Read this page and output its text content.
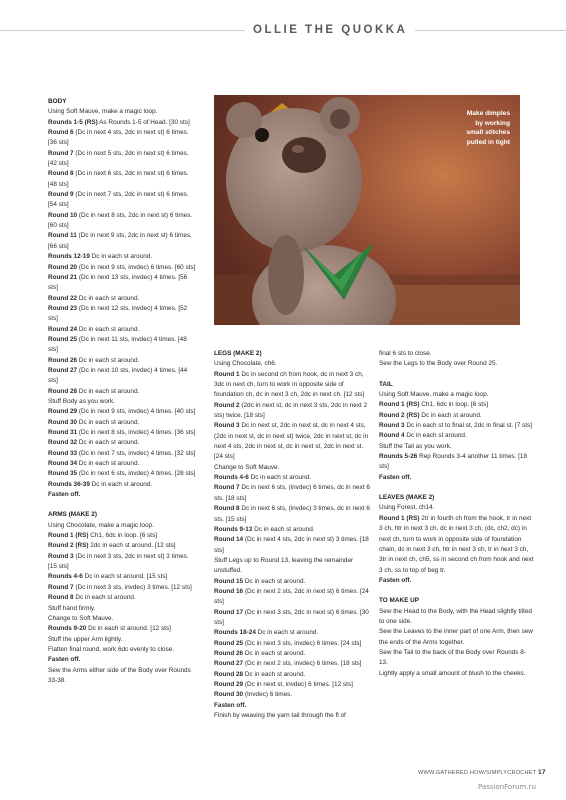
OLLIE THE QUOKKA
Make dimples
by working
small stitches
pulled in tight

BODY

Using Soft Mauve, make a magic loop.

Rounds 1-5 (RS) As Rounds 1-5 of Head. [30 sts]

Round 6 (Dc in next 4 sts, 2dc in next st) 6 times. [36 sts]

Round 7 (Dc in next 5 sts, 2dc in next st) 6 times. [42 sts]

Round 8 (Dc in next 6 sts, 2dc in next st) 6 times. [48 sts]

Round 9 (Dc in next 7 sts, 2dc in next st) 6 times. [54 sts]

Round 10 (Dc in next 8 sts, 2dc in next st) 6 times. [60 sts]

Round 11 (Dc in next 9 sts, 2dc in next st) 6 times. [66 sts]

Rounds 12-19 Dc in each st around.

Round 20 (Dc in next 9 sts, invdec) 6 times. [60 sts]

Round 21 (Dc in next 13 sts, invdec) 4 times. [56 sts]

Round 22 Dc in each st around.

Round 23 (Dc in next 12 sts, invdec) 4 times. [52 sts]

Round 24 Dc in each st around.

Round 25 (Dc in next 11 sts, invdec) 4 times. [48 sts]

Round 26 Dc in each st around.

Round 27 (Dc in next 10 sts, invdec) 4 times. [44 sts]

Round 28 Dc in each st around.

Stuff Body as you work.

Round 29 (Dc in next 9 sts, invdec) 4 times. [40 sts]

Round 30 Dc in each st around.

Round 31 (Dc in next 8 sts, invdec) 4 times. [36 sts]

Round 32 Dc in each st around.

Round 33 (Dc in next 7 sts, invdec) 4 times. [32 sts]

Round 34 Dc in each st around.

Round 35 (Dc in next 6 sts, invdec) 4 times. [28 sts]

Rounds 36-39 Dc in each st around.

Fasten off.

ARMS (MAKE 2)

Using Chocolate, make a magic loop.

Round 1 (RS) Ch1, 6dc in loop. [6 sts]

Round 2 (RS) 2dc in each st around. [12 sts]

Round 3 (Dc in next 3 sts, 2dc in next st) 3 times. [15 sts]

Rounds 4-6 Dc in each st around. [15 sts]

Round 7 (Dc in next 3 sts, invdec) 3 times. [12 sts]

Round 8 Dc in each st around.

Stuff hand firmly.

Change to Soft Mauve.

Rounds 9-20 Dc in each st around. [12 sts]

Stuff the upper Arm lightly.

Flatten final round, work 6dc evenly to close.

Fasten off.

Sew the Arms either side of the Body over Rounds 33-38.

LEGS (MAKE 2)

Using Chocolate, ch6.

Round 1 Dc in second ch from hook, dc in next 3 ch, 3dc in next ch, turn to work in opposite side of foundation ch, dc in next 3 ch, 2dc in next ch. [12 sts]

Round 2 (2dc in next st, dc in next 3 sts, 2dc in next 2 sts) twice. [18 sts]

Round 3 Dc in next st, 2dc in next st, dc in next 4 sts, (2dc in next st, dc in next st) twice, 2dc in next st, dc in next 4 sts, 2dc in next st, dc in next st, 2dc in next st. [24 sts]

Change to Soft Mauve.

Rounds 4-6 Dc in each st around.

Round 7 Dc in next 6 sts, (invdec) 6 times, dc in next 6 sts. [18 sts]

Round 8 Dc in next 6 sts, (invdec) 3 times, dc in next 6 sts. [15 sts]

Rounds 9-13 Dc in each st around.

Round 14 (Dc in next 4 sts, 2dc in next st) 3 times. [18 sts]

Stuff Legs up to Round 13, leaving the remainder unstuffed.

Round 15 Dc in each st around.

Round 16 (Dc in next 2 sts, 2dc in next st) 6 times. [24 sts]

Round 17 (Dc in next 3 sts, 2dc in next st) 6 times. [30 sts]

Rounds 18-24 Dc in each st around.

Round 25 (Dc in next 3 sts, invdec) 6 times. [24 sts]

Round 26 Dc in each st around.

Round 27 (Dc in next 2 sts, invdec) 6 times. [18 sts]

Round 28 Dc in each st around.

Round 29 (Dc in next st, invdec) 6 times. [12 sts]

Round 30 (Invdec) 6 times.

Fasten off.

Finish by weaving the yarn tail through the fl of

final 6 sts to close.

Sew the Legs to the Body over Round 25.

TAIL

Using Soft Mauve, make a magic loop.

Round 1 (RS) Ch1, 6dc in loop. [6 sts]

Round 2 (RS) Dc in each st around.

Round 3 Dc in each st to final st, 2dc in final st. [7 sts]

Round 4 Dc in each st around.

Stuff the Tail as you work.

Rounds 5-26 Rep Rounds 3-4 another 11 times. [18 sts]

Fasten off.

LEAVES (MAKE 2)

Using Forest, ch14.

Round 1 (RS) 2tr in fourth ch from the hook, tr in next 3 ch, htr in next 3 ch, dc in next 3 ch, (dc, ch2, dc) in next ch, turn to work in opposite side of foundation chain, dc in next 3 ch, htr in next 3 ch, tr in next 3 ch, 3tr in next ch, ch5, ss in second ch from hook and next 3 ch, ss to top of beg tr.

Fasten off.

TO MAKE UP

Sew the Head to the Body, with the Head slightly tilted to one side.

Sew the Leaves to the inner part of one Arm, then sew the ends of the Arms together.

Sew the Tail to the back of the Body over Rounds 8-13.

Lightly apply a small amount of blush to the cheeks.

WWW.GATHERED.HOW/SIMPLYCROCHET 17
PassionForum.ru
